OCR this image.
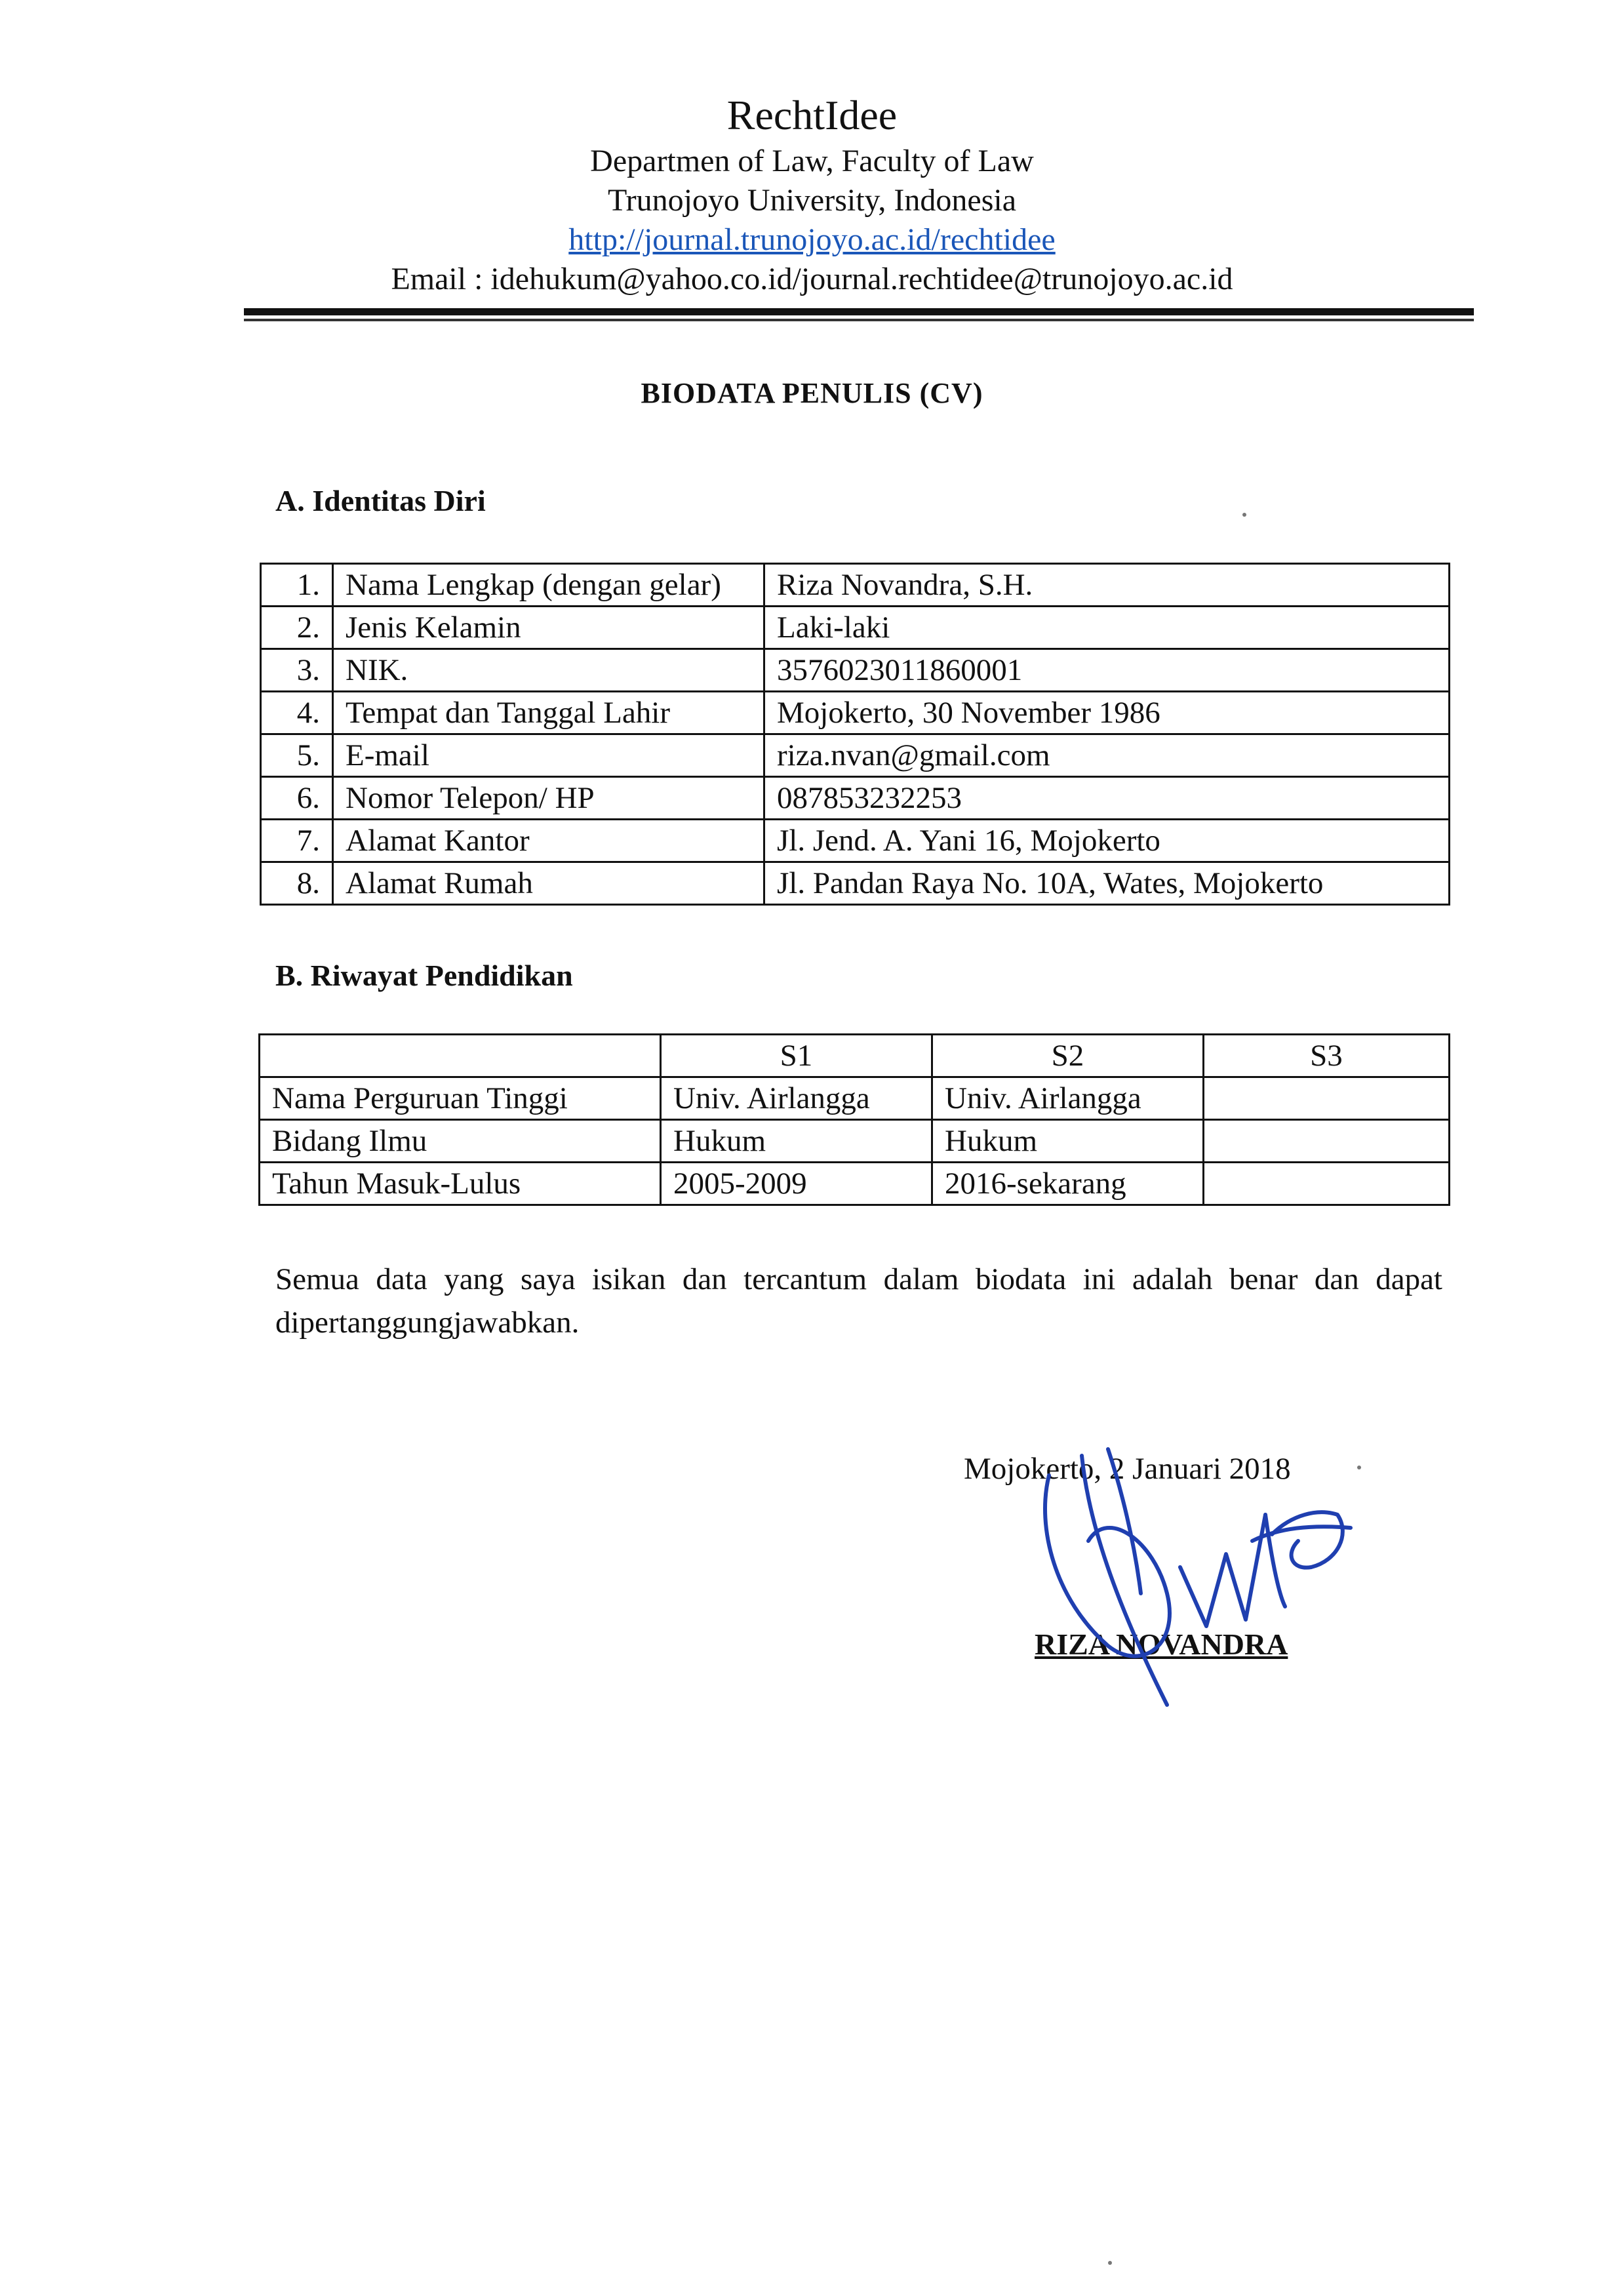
RechtIdee
Departmen of Law, Faculty of Law
Trunojoyo University, Indonesia
http://journal.trunojoyo.ac.id/rechtidee
Email : idehukum@yahoo.co.id/journal.rechtidee@trunojoyo.ac.id
BIODATA PENULIS (CV)
A. Identitas Diri
1.	Nama Lengkap (dengan gelar)	Riza Novandra, S.H.
2.	Jenis Kelamin	Laki-laki
3.	NIK.	3576023011860001
4.	Tempat dan Tanggal Lahir	Mojokerto, 30 November 1986
5.	E-mail	riza.nvan@gmail.com
6.	Nomor Telepon/ HP	087853232253
7.	Alamat Kantor	Jl. Jend. A. Yani 16, Mojokerto
8.	Alamat Rumah	Jl. Pandan Raya No. 10A, Wates, Mojokerto
B. Riwayat Pendidikan
	S1	S2	S3
Nama Perguruan Tinggi	Univ. Airlangga	Univ. Airlangga	
Bidang Ilmu	Hukum	Hukum	
Tahun Masuk-Lulus	2005-2009	2016-sekarang	
Semua data yang saya isikan dan tercantum dalam biodata ini adalah benar dan dapat dipertanggungjawabkan.
Mojokerto, 2 Januari 2018
RIZA NOVANDRA
